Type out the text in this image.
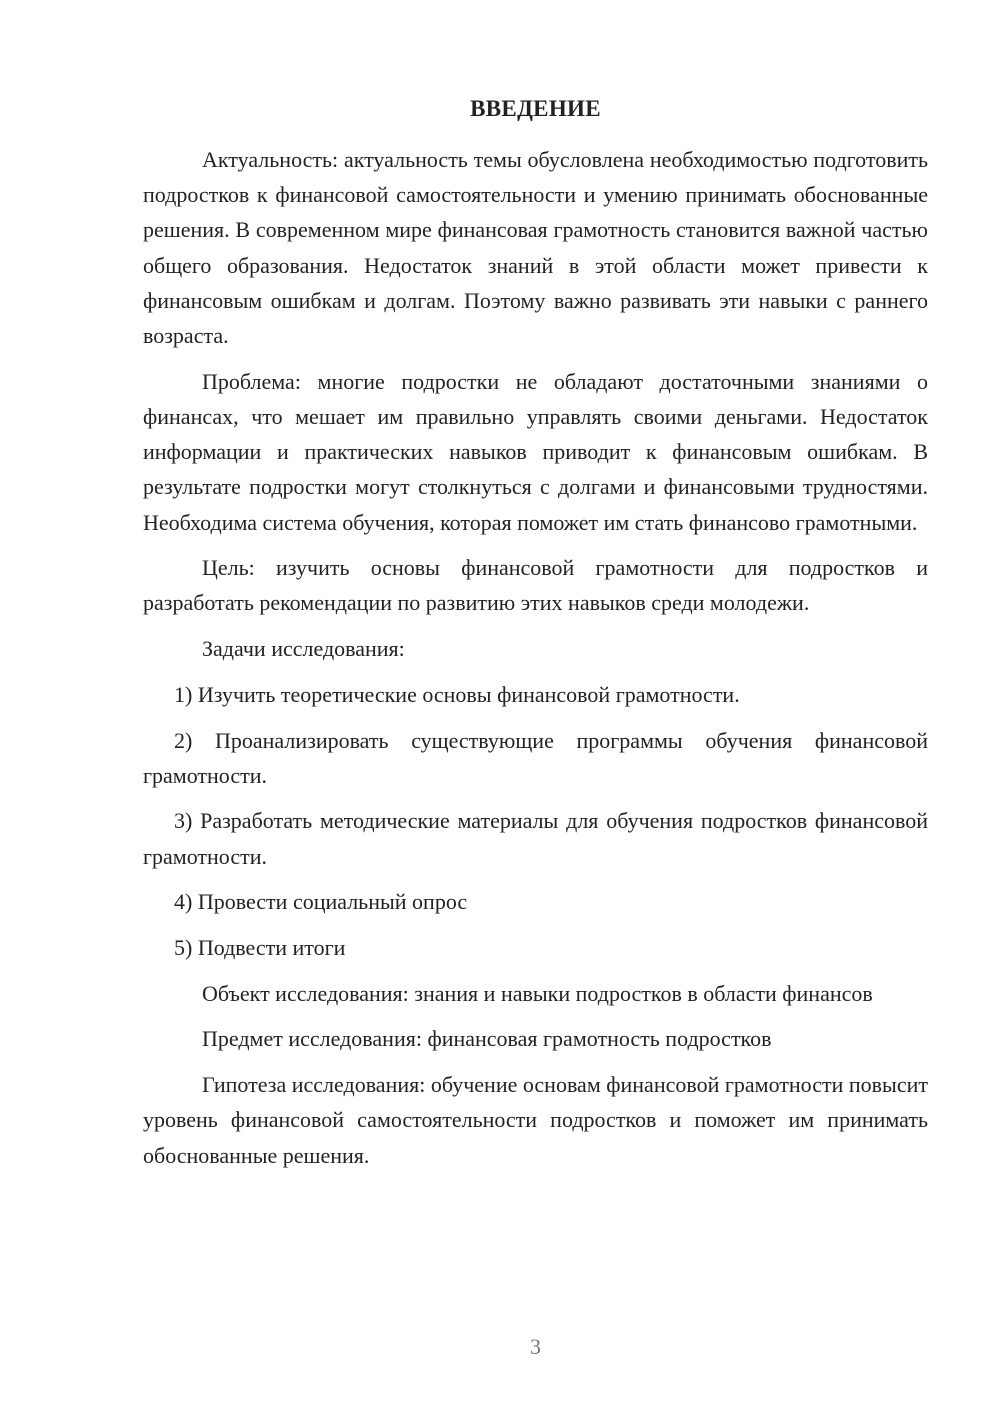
ВВЕДЕНИЕ

Актуальность: актуальность темы обусловлена необходимостью подготовить подростков к финансовой самостоятельности и умению принимать обоснованные решения. В современном мире финансовая грамотность становится важной частью общего образования. Недостаток знаний в этой области может привести к финансовым ошибкам и долгам. Поэтому важно развивать эти навыки с раннего возраста.

Проблема: многие подростки не обладают достаточными знаниями о финансах, что мешает им правильно управлять своими деньгами. Недостаток информации и практических навыков приводит к финансовым ошибкам. В результате подростки могут столкнуться с долгами и финансовыми трудностями. Необходима система обучения, которая поможет им стать финансово грамотными.

Цель: изучить основы финансовой грамотности для подростков и разработать рекомендации по развитию этих навыков среди молодежи.

Задачи исследования:

1) Изучить теоретические основы финансовой грамотности.

2) Проанализировать существующие программы обучения финансовой грамотности.

3) Разработать методические материалы для обучения подростков финансовой грамотности.

4) Провести социальный опрос

5) Подвести итоги

Объект исследования: знания и навыки подростков в области финансов

Предмет исследования: финансовая грамотность подростков

Гипотеза исследования: обучение основам финансовой грамотности повысит уровень финансовой самостоятельности подростков и поможет им принимать обоснованные решения.

3
